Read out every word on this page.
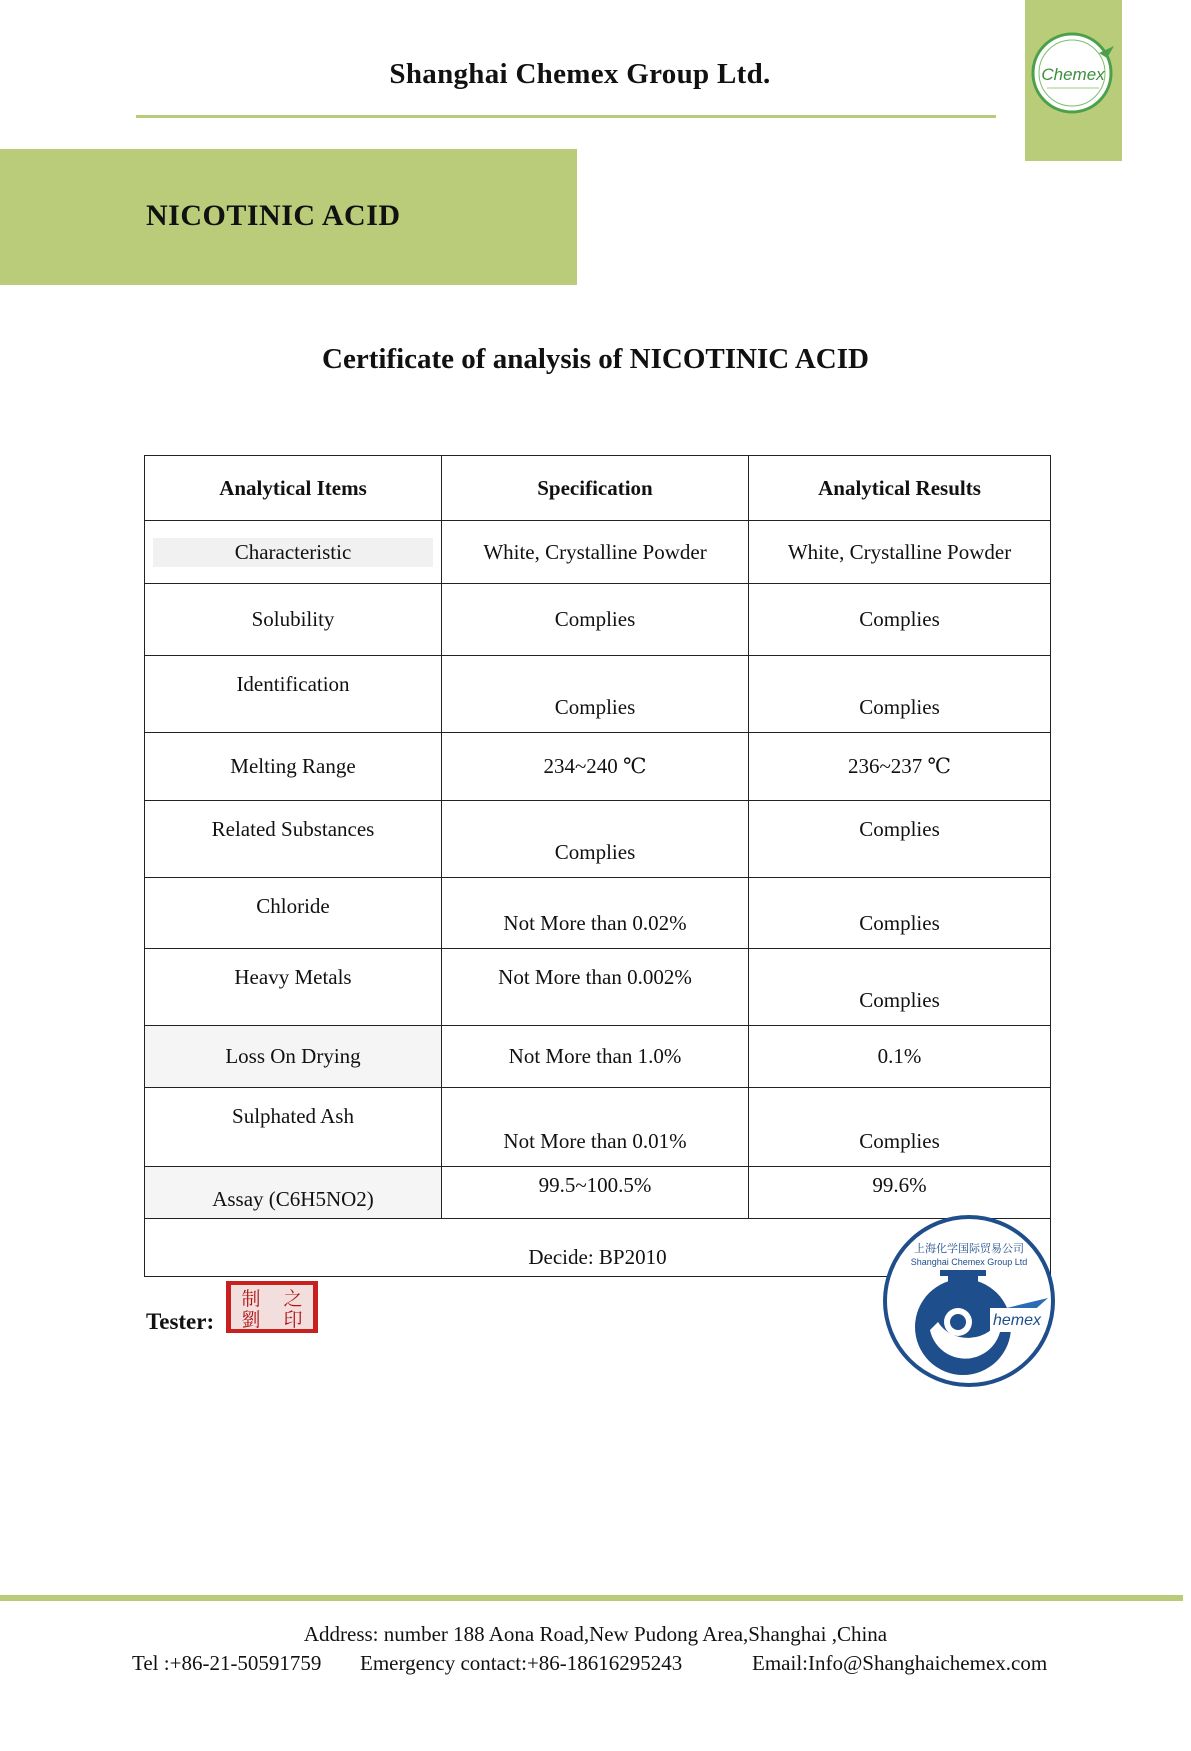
Shanghai Chemex Group Ltd.	Chemex
NICOTINIC ACID
Certificate of analysis of NICOTINIC ACID
Analytical Items	Specification	Analytical Results
Characteristic	White, Crystalline Powder	White, Crystalline Powder
Solubility	Complies	Complies
Identification	Complies	Complies
Melting Range	234~240 ℃	236~237 ℃
Related Substances	Complies	Complies
Chloride	Not More than 0.02%	Complies
Heavy Metals	Not More than 0.002%	Complies
Loss On Drying	Not More than 1.0%	0.1%
Sulphated Ash	Not More than 0.01%	Complies
Assay (C6H5NO2)	99.5~100.5%	99.6%
Decide: BP2010		
Tester:
制 之
劉 印
上海化学国际贸易公司
Shanghai Chemex Group Ltd
hemex
Address: number 188 Aona Road,New Pudong Area,Shanghai ,China

Tel :+86-21-50591759

Emergency contact:+86-18616295243

	Email:Info@Shanghaichemex.com
